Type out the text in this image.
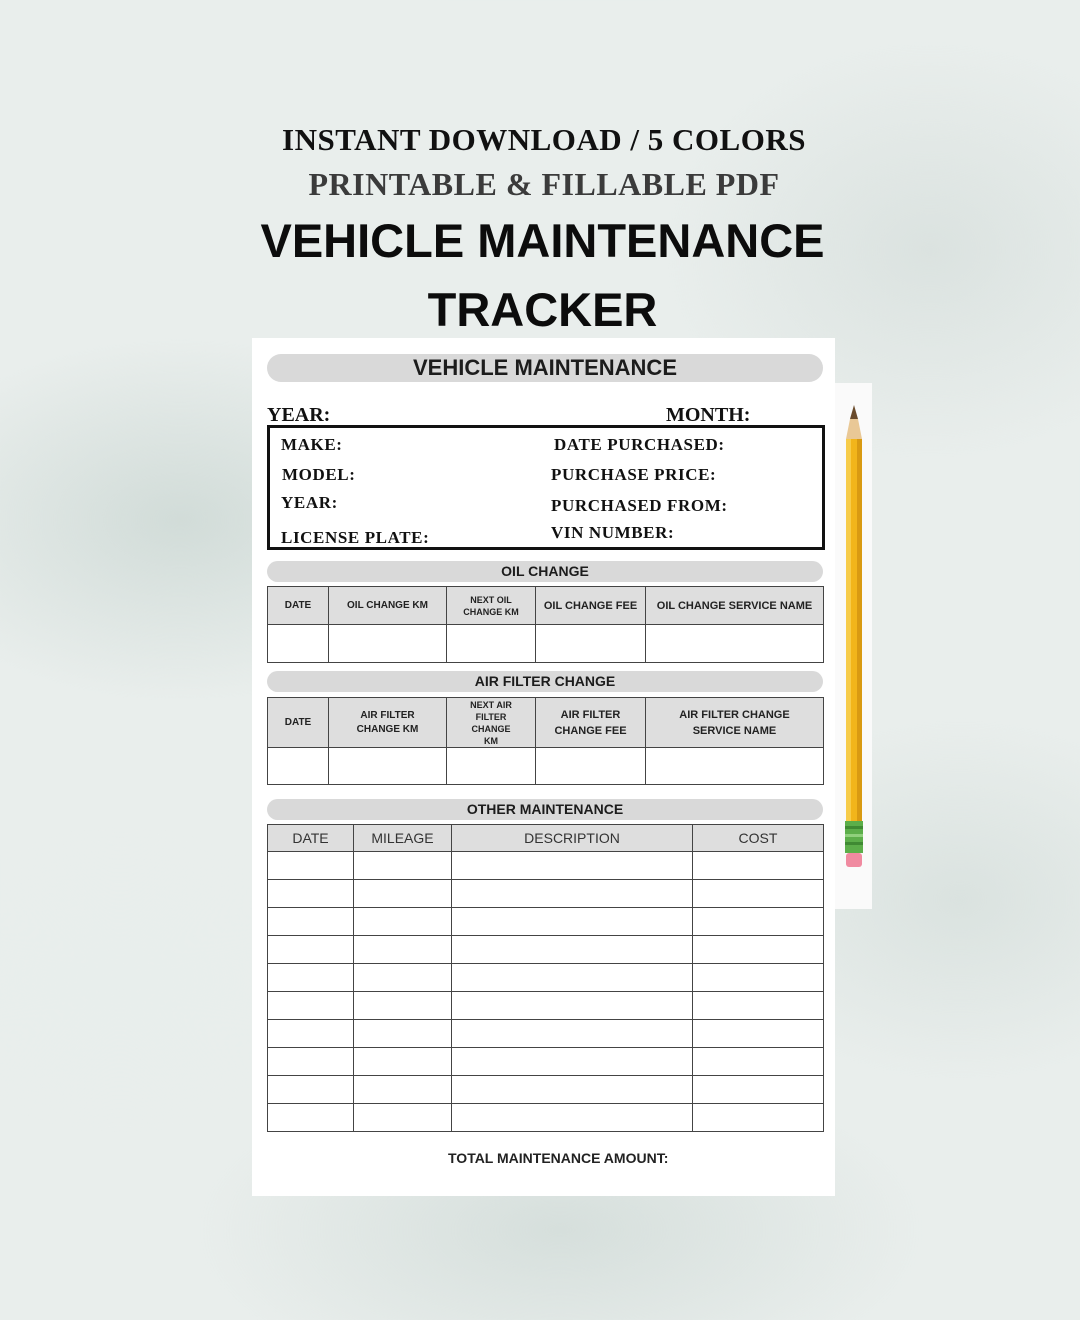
INSTANT DOWNLOAD / 5 COLORS
PRINTABLE & FILLABLE PDF
VEHICLE MAINTENANCE
TRACKER
VEHICLE MAINTENANCE
YEAR:	MONTH:
MAKE:
MODEL:
YEAR:
LICENSE PLATE:
DATE PURCHASED:
PURCHASE PRICE:
PURCHASED FROM:
VIN NUMBER:
OIL CHANGE
DATE	OIL CHANGE KM	NEXT OIL CHANGE KM	OIL CHANGE FEE	OIL CHANGE SERVICE NAME

AIR FILTER CHANGE
DATE	AIR FILTER CHANGE KM	NEXT AIR FILTER CHANGE KM	AIR FILTER CHANGE FEE	AIR FILTER CHANGE SERVICE NAME

OTHER MAINTENANCE
DATE	MILEAGE	DESCRIPTION	COST

TOTAL MAINTENANCE AMOUNT:
